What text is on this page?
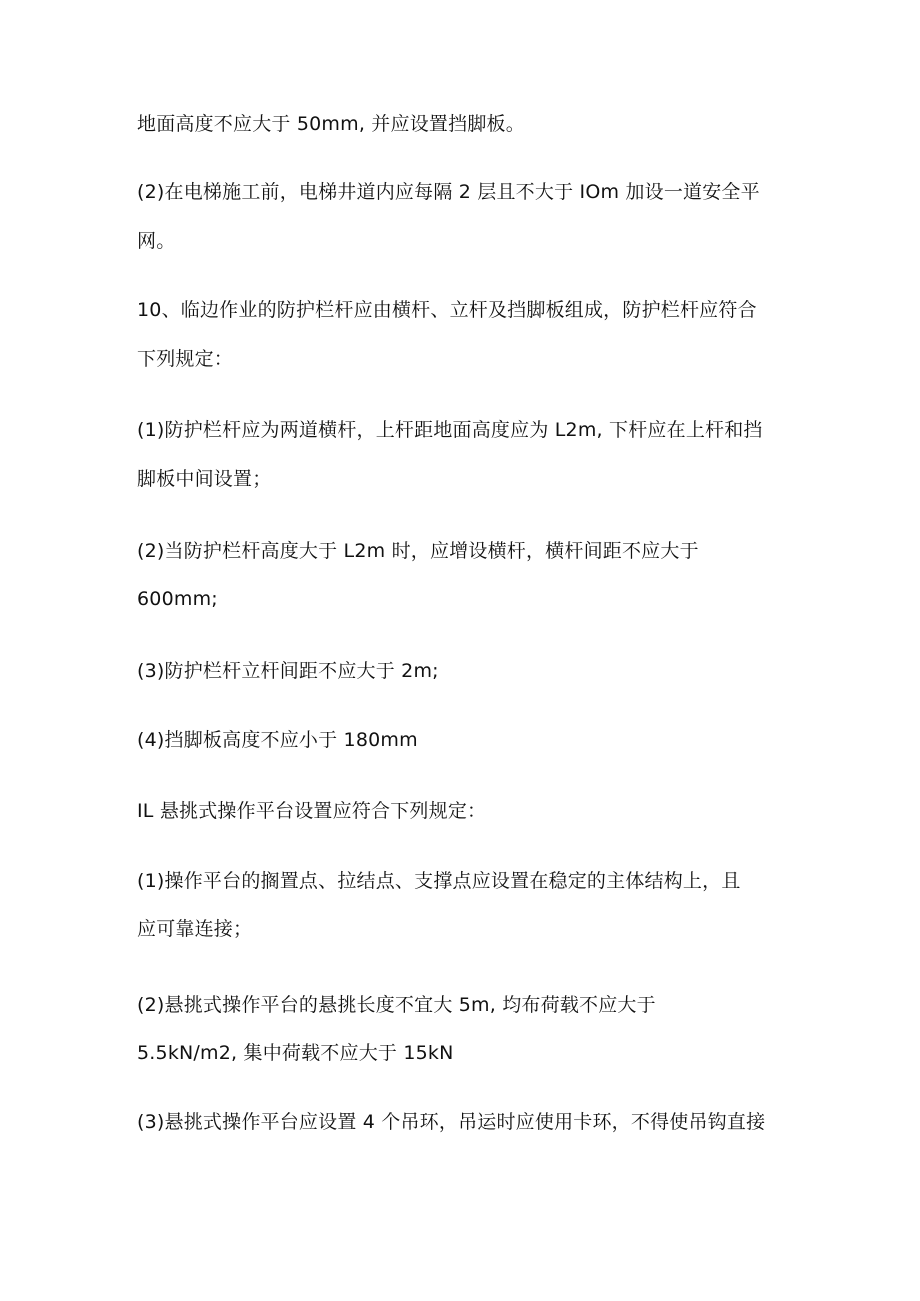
地面高度不应大于 50mm, 并应设置挡脚板。
(2)在电梯施工前，电梯井道内应每隔 2 层且不大于 IOm 加设一道安全平
网。
10、临边作业的防护栏杆应由横杆、立杆及挡脚板组成，防护栏杆应符合
下列规定：
(1)防护栏杆应为两道横杆，上杆距地面高度应为 L2m, 下杆应在上杆和挡
脚板中间设置；
(2)当防护栏杆高度大于 L2m 时，应增设横杆，横杆间距不应大于
600mm;
(3)防护栏杆立杆间距不应大于 2m;
(4)挡脚板高度不应小于 180mm
IL 悬挑式操作平台设置应符合下列规定：
(1)操作平台的搁置点、拉结点、支撑点应设置在稳定的主体结构上，且
应可靠连接；
(2)悬挑式操作平台的悬挑长度不宜大 5m, 均布荷载不应大于
5.5kN∕m2, 集中荷载不应大于 15kN
(3)悬挑式操作平台应设置 4 个吊环，吊运时应使用卡环，不得使吊钩直接
